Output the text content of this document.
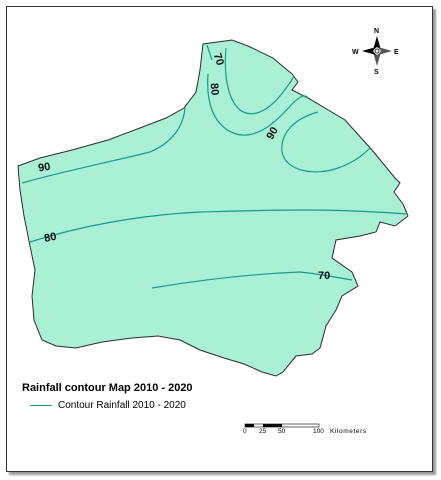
70
80
90
90
80
70
N
S
E
W
0 25 50	100 Kilometers
Rainfall contour Map 2010 - 2020
Contour Rainfall 2010 - 2020
